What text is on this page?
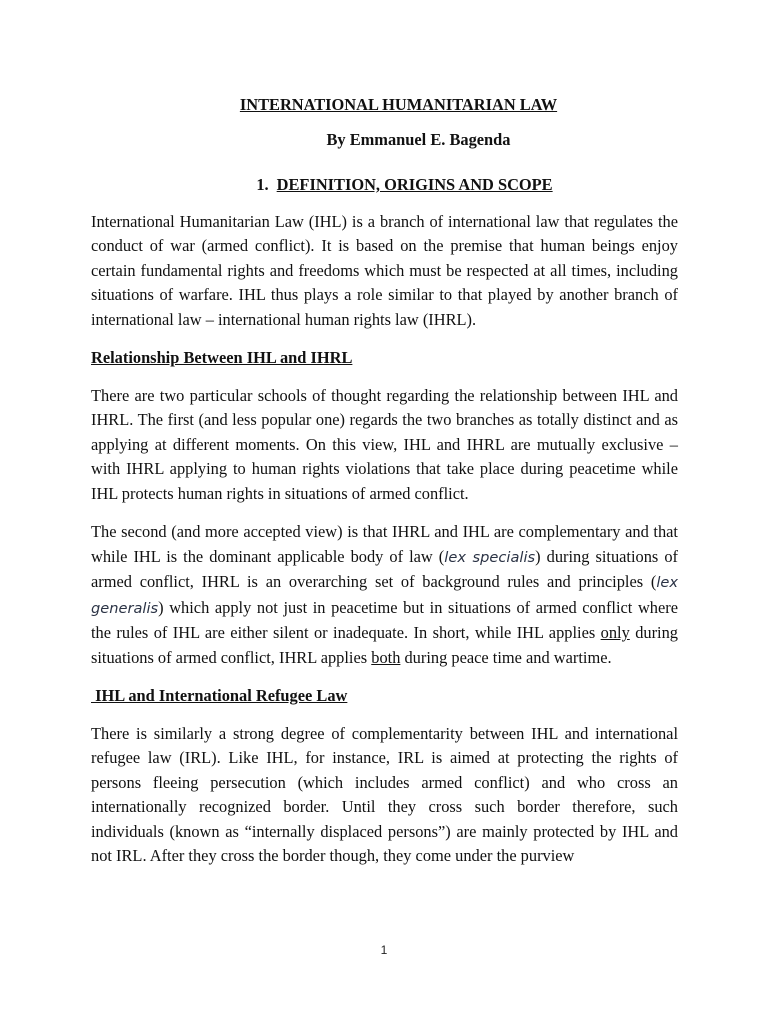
INTERNATIONAL HUMANITARIAN LAW
By Emmanuel E. Bagenda
1. DEFINITION, ORIGINS AND SCOPE

International Humanitarian Law (IHL) is a branch of international law that regulates the conduct of war (armed conflict). It is based on the premise that human beings enjoy certain fundamental rights and freedoms which must be respected at all times, including situations of warfare. IHL thus plays a role similar to that played by another branch of international law – international human rights law (IHRL).

Relationship Between IHL and IHRL

There are two particular schools of thought regarding the relationship between IHL and IHRL. The first (and less popular one) regards the two branches as totally distinct and as applying at different moments. On this view, IHL and IHRL are mutually exclusive – with IHRL applying to human rights violations that take place during peacetime while IHL protects human rights in situations of armed conflict.

The second (and more accepted view) is that IHRL and IHL are complementary and that while IHL is the dominant applicable body of law (lex specialis) during situations of armed conflict, IHRL is an overarching set of background rules and principles (lex generalis) which apply not just in peacetime but in situations of armed conflict where the rules of IHL are either silent or inadequate. In short, while IHL applies only during situations of armed conflict, IHRL applies both during peace time and wartime.

IHL and International Refugee Law

There is similarly a strong degree of complementarity between IHL and international refugee law (IRL). Like IHL, for instance, IRL is aimed at protecting the rights of persons fleeing persecution (which includes armed conflict) and who cross an internationally recognized border. Until they cross such border therefore, such individuals (known as “internally displaced persons”) are mainly protected by IHL and not IRL. After they cross the border though, they come under the purview

1
